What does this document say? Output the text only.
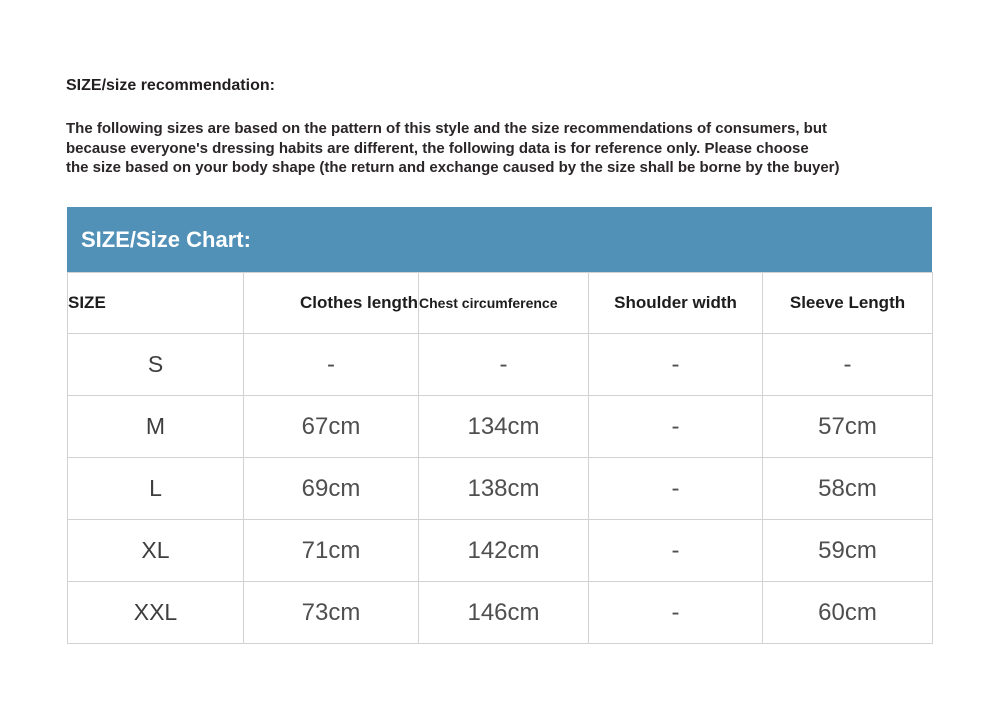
SIZE/size recommendation:
The following sizes are based on the pattern of this style and the size recommendations of consumers, but
because everyone's dressing habits are different, the following data is for reference only. Please choose
the size based on your body shape (the return and exchange caused by the size shall be borne by the buyer)
SIZE/Size Chart:
SIZE	Clothes length	Chest circumference	Shoulder width	Sleeve Length
S	-	-	-	-
M	67cm	134cm	-	57cm
L	69cm	138cm	-	58cm
XL	71cm	142cm	-	59cm
XXL	73cm	146cm	-	60cm
